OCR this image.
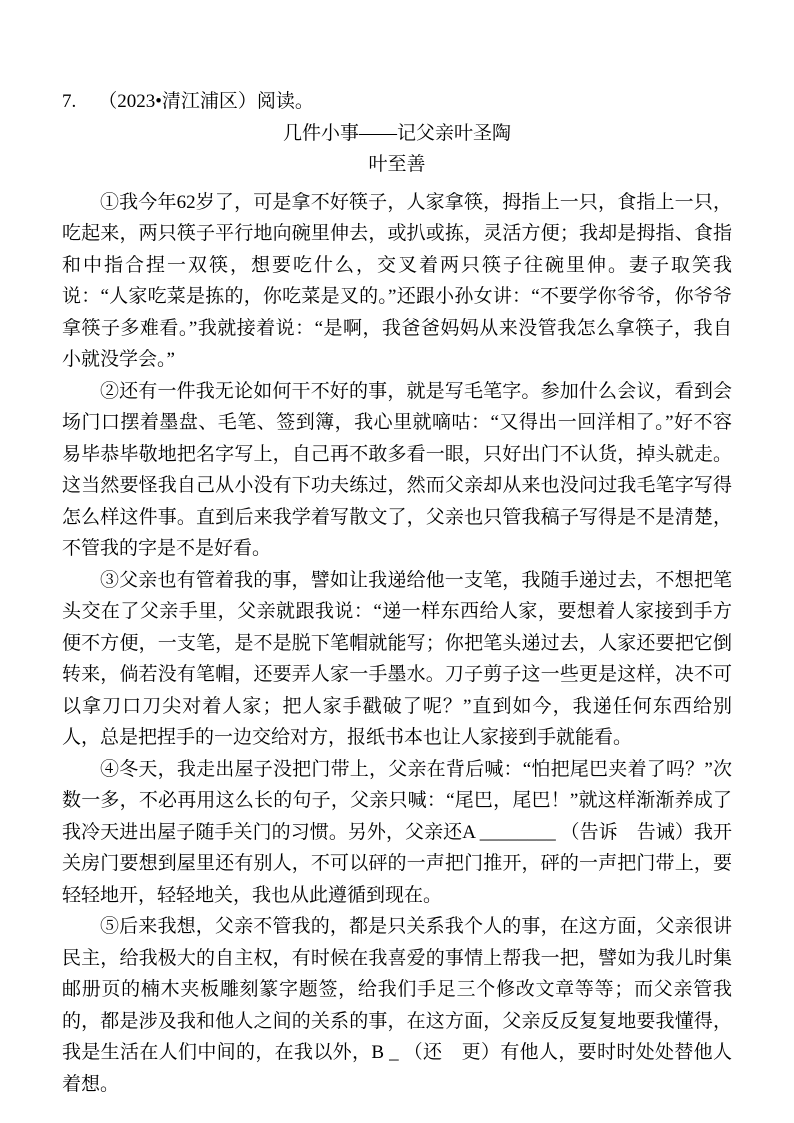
7. （2023•清江浦区）阅读。

几件小事——记父亲叶圣陶
叶至善

①我今年62岁了，可是拿不好筷子，人家拿筷，拇指上一只，食指上一只，吃起来，两只筷子平行地向碗里伸去，或扒或拣，灵活方便；我却是拇指、食指和中指合捏一双筷，想要吃什么，交叉着两只筷子往碗里伸。妻子取笑我说：“人家吃菜是拣的，你吃菜是叉的。”还跟小孙女讲：“不要学你爷爷，你爷爷拿筷子多难看。”我就接着说：“是啊，我爸爸妈妈从来没管我怎么拿筷子，我自小就没学会。”

②还有一件我无论如何干不好的事，就是写毛笔字。参加什么会议，看到会场门口摆着墨盘、毛笔、签到簿，我心里就嘀咕：“又得出一回洋相了。”好不容易毕恭毕敬地把名字写上，自己再不敢多看一眼，只好出门不认货，掉头就走。这当然要怪我自己从小没有下功夫练过，然而父亲却从来也没问过我毛笔字写得怎么样这件事。直到后来我学着写散文了，父亲也只管我稿子写得是不是清楚，不管我的字是不是好看。

③父亲也有管着我的事，譬如让我递给他一支笔，我随手递过去，不想把笔头交在了父亲手里，父亲就跟我说：“递一样东西给人家，要想着人家接到手方便不方便，一支笔，是不是脱下笔帽就能写；你把笔头递过去，人家还要把它倒转来，倘若没有笔帽，还要弄人家一手墨水。刀子剪子这一些更是这样，决不可以拿刀口刀尖对着人家；把人家手戳破了呢？”直到如今，我递任何东西给别人，总是把捏手的一边交给对方，报纸书本也让人家接到手就能看。

④冬天，我走出屋子没把门带上，父亲在背后喊：“怕把尾巴夹着了吗？”次数一多，不必再用这么长的句子，父亲只喊：“尾巴，尾巴！”就这样渐渐养成了我冷天进出屋子随手关门的习惯。另外，父亲还A ________ （告诉　告诫）我开关房门要想到屋里还有别人，不可以砰的一声把门推开，砰的一声把门带上，要轻轻地开，轻轻地关，我也从此遵循到现在。

⑤后来我想，父亲不管我的，都是只关系我个人的事，在这方面，父亲很讲民主，给我极大的自主权，有时候在我喜爱的事情上帮我一把，譬如为我儿时集邮册页的楠木夹板雕刻篆字题签，给我们手足三个修改文章等等；而父亲管我的，都是涉及我和他人之间的关系的事，在这方面，父亲反反复复地要我懂得，我是生活在人们中间的，在我以外，B _ （还　更）有他人，要时时处处替他人着想。
